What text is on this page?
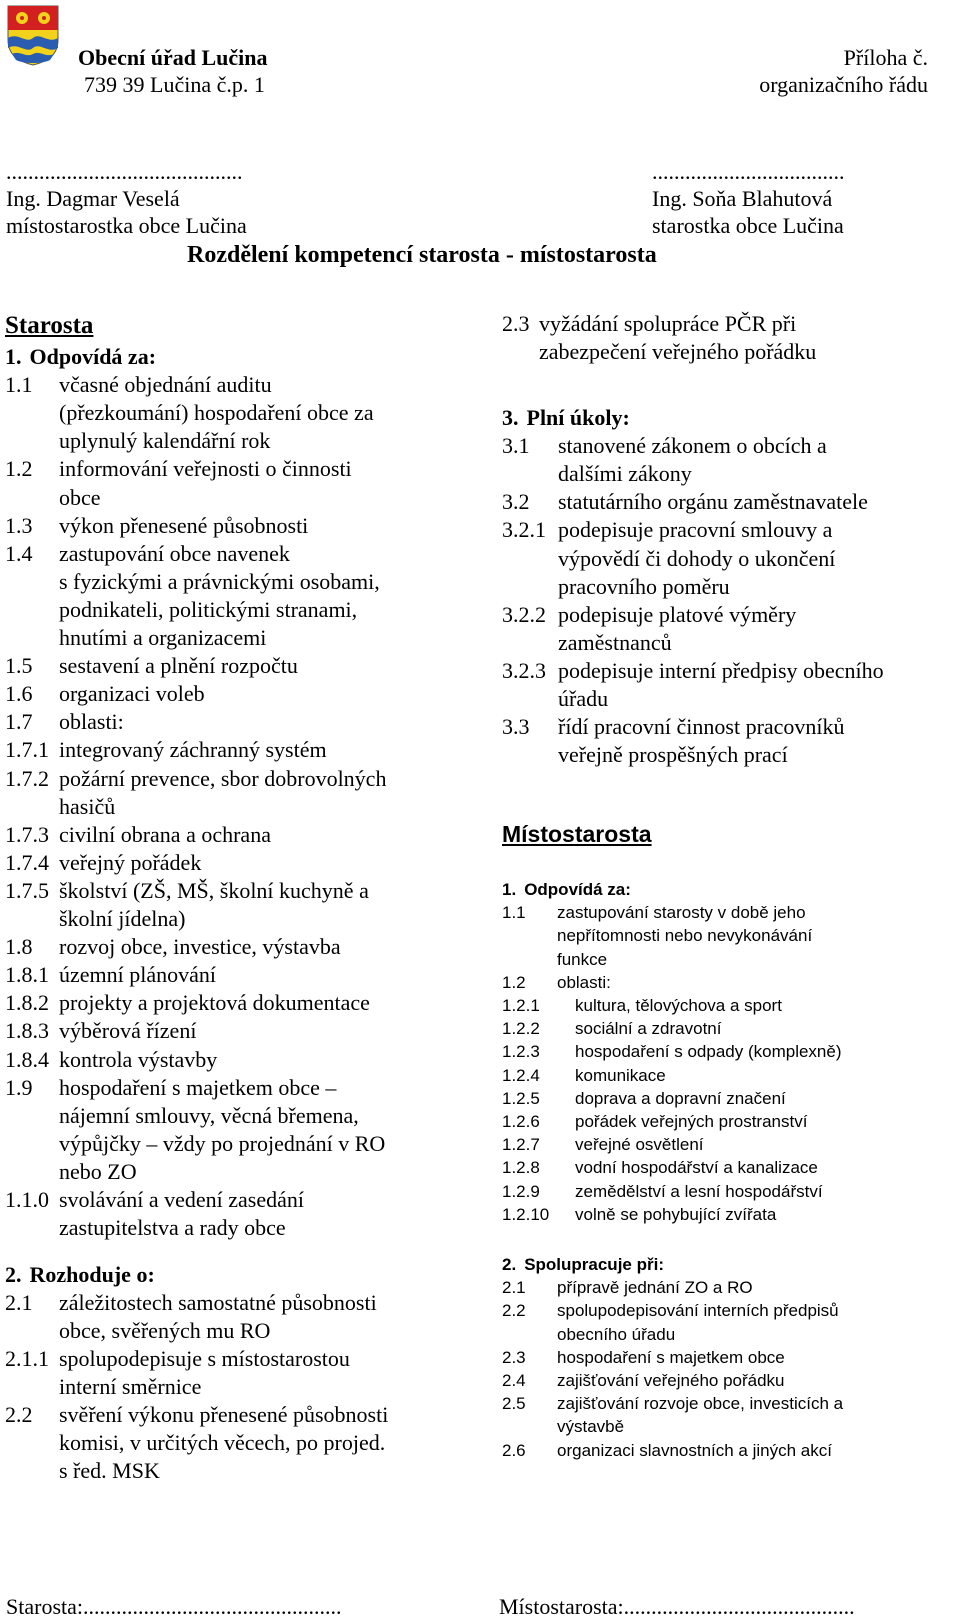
Obecní úřad Lučina
739 39 Lučina č.p. 1
Příloha č.
organizačního řádu
...........................................
Ing. Dagmar Veselá
místostarostka obce Lučina
...................................
Ing. Soňa Blahutová
starostka obce Lučina
Rozdělení kompetencí starosta - místostarosta
Starosta
1. Odpovídá za:
1.1 včasné objednání auditu
(přezkoumání) hospodaření obce za
uplynulý kalendářní rok
1.2 informování veřejnosti o činnosti
obce
1.3 výkon přenesené působnosti
1.4 zastupování obce navenek
s fyzickými a právnickými osobami,
podnikateli, politickými stranami,
hnutími a organizacemi
1.5 sestavení a plnění rozpočtu
1.6 organizaci voleb
1.7 oblasti:
1.7.1 integrovaný záchranný systém
1.7.2 požární prevence, sbor dobrovolných
hasičů
1.7.3 civilní obrana a ochrana
1.7.4 veřejný pořádek
1.7.5 školství (ZŠ, MŠ, školní kuchyně a
školní jídelna)
1.8 rozvoj obce, investice, výstavba
1.8.1 územní plánování
1.8.2 projekty a projektová dokumentace
1.8.3 výběrová řízení
1.8.4 kontrola výstavby
1.9 hospodaření s majetkem obce –
nájemní smlouvy, věcná břemena,
výpůjčky – vždy po projednání v RO
nebo ZO
1.1.0 svolávání a vedení zasedání
zastupitelstva a rady obce
2. Rozhoduje o:
2.1 záležitostech samostatné působnosti
obce, svěřených mu RO
2.1.1 spolupodepisuje s místostarostou
interní směrnice
2.2 svěření výkonu přenesené působnosti
komisi, v určitých věcech, po projed.
s řed. MSK
2.3 vyžádání spolupráce PČR při
zabezpečení veřejného pořádku
3. Plní úkoly:
3.1 stanovené zákonem o obcích a
dalšími zákony
3.2 statutárního orgánu zaměstnavatele
3.2.1 podepisuje pracovní smlouvy a
výpovědí či dohody o ukončení
pracovního poměru
3.2.2 podepisuje platové výměry
zaměstnanců
3.2.3 podepisuje interní předpisy obecního
úřadu
3.3 řídí pracovní činnost pracovníků
veřejně prospěšných prací
Místostarosta
1. Odpovídá za:
1.1 zastupování starosty v době jeho
nepřítomnosti nebo nevykonávání
funkce
1.2 oblasti:
1.2.1 kultura, tělovýchova a sport
1.2.2 sociální a zdravotní
1.2.3 hospodaření s odpady (komplexně)
1.2.4 komunikace
1.2.5 doprava a dopravní značení
1.2.6 pořádek veřejných prostranství
1.2.7 veřejné osvětlení
1.2.8 vodní hospodářství a kanalizace
1.2.9 zemědělství a lesní hospodářství
1.2.10 volně se pohybující zvířata
2. Spolupracuje při:
2.1 přípravě jednání ZO a RO
2.2 spolupodepisování interních předpisů
obecního úřadu
2.3 hospodaření s majetkem obce
2.4 zajišťování veřejného pořádku
2.5 zajišťování rozvoje obce, investicích a
výstavbě
2.6 organizaci slavnostních a jiných akcí
Starosta:...............................................	Místostarosta:..........................................
